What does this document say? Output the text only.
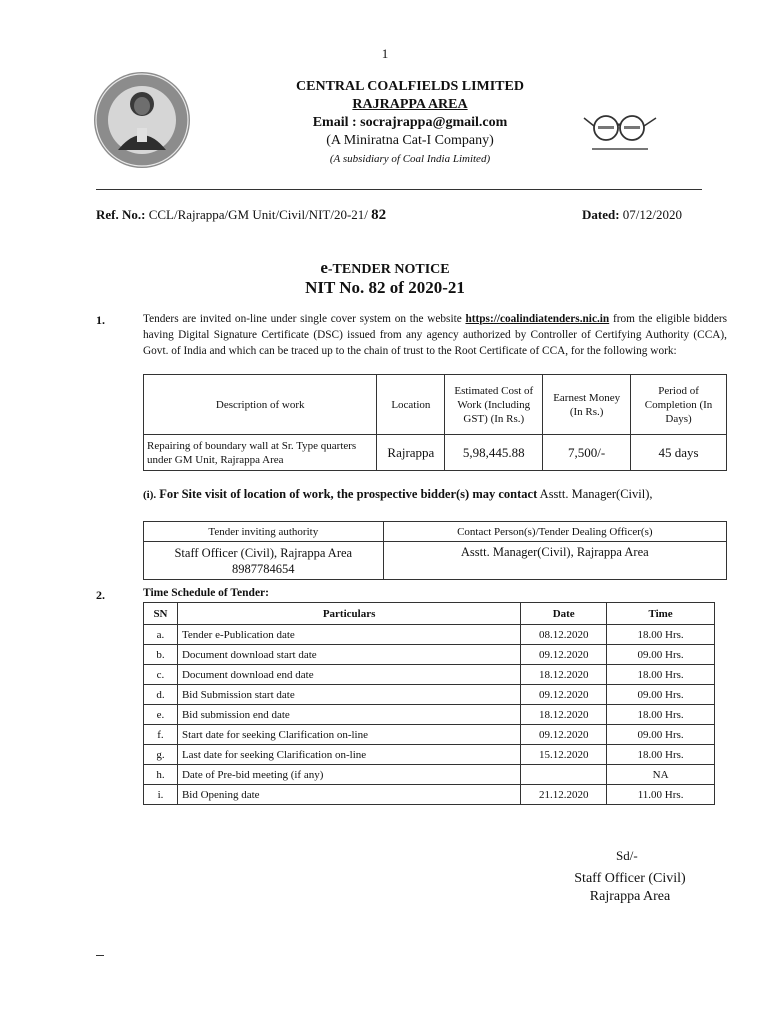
1
CENTRAL COALFIELDS LIMITED
RAJRAPPA AREA
Email : socrajrappa@gmail.com
(A Miniratna Cat-I Company)
(A subsidiary of Coal India Limited)
Ref. No.: CCL/Rajrappa/GM Unit/Civil/NIT/20-21/ 82	Dated: 07/12/2020
e-TENDER NOTICE
NIT No. 82 of 2020-21
1.	Tenders are invited on-line under single cover system on the website https://coalindiatenders.nic.in from the eligible bidders having Digital Signature Certificate (DSC) issued from any agency authorized by Controller of Certifying Authority (CCA), Govt. of India and which can be traced up to the chain of trust to the Root Certificate of CCA, for the following work:
Description of work	Location	Estimated Cost of Work (Including GST) (In Rs.)	Earnest Money (In Rs.)	Period of Completion (In Days)
Repairing of boundary wall at Sr. Type quarters under GM Unit, Rajrappa Area	Rajrappa	5,98,445.88	7,500/-	45 days
(i). For Site visit of location of work, the prospective bidder(s) may contact Asstt. Manager(Civil),
Tender inviting authority	Contact Person(s)/Tender Dealing Officer(s)

Staff Officer (Civil), Rajrappa Area
8987784654	Asstt. Manager(Civil), Rajrappa Area
2.	Time Schedule of Tender:
SN	Particulars	Date	Time
a.	Tender e-Publication date	08.12.2020	18.00 Hrs.
b.	Document download start date	09.12.2020	09.00 Hrs.
c.	Document download end date	18.12.2020	18.00 Hrs.
d.	Bid Submission start date	09.12.2020	09.00 Hrs.
e.	Bid submission end date	18.12.2020	18.00 Hrs.
f.	Start date for seeking Clarification on-line	09.12.2020	09.00 Hrs.
g.	Last date for seeking Clarification on-line	15.12.2020	18.00 Hrs.
h.	Date of Pre-bid meeting (if any)		NA
i.	Bid Opening date	21.12.2020	11.00 Hrs.
Sd/-
Staff Officer (Civil)
Rajrappa Area
